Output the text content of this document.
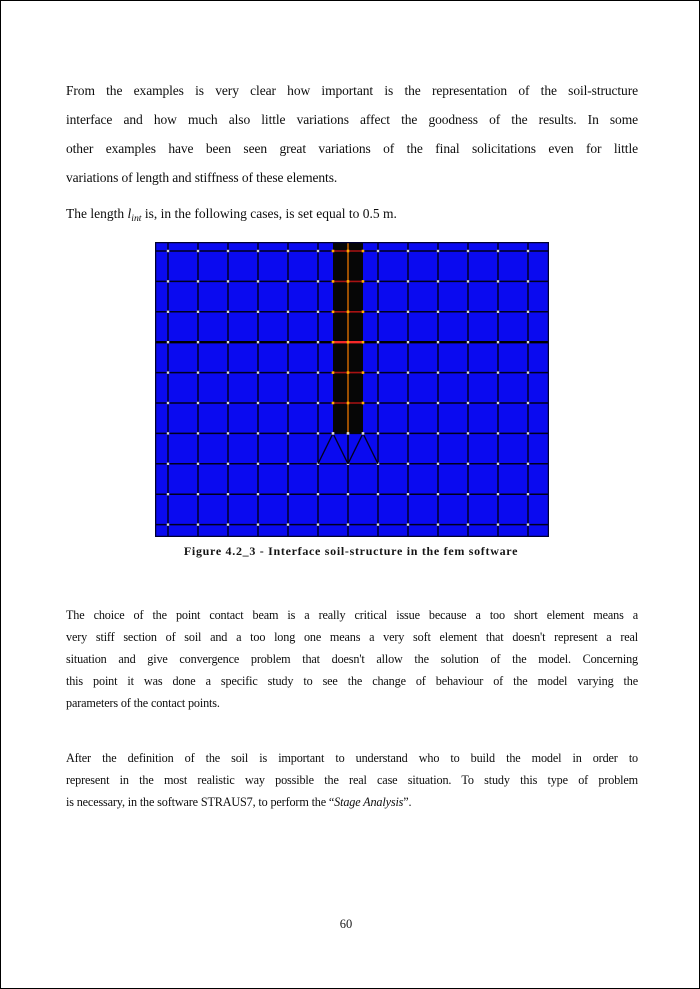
From the examples is very clear how important is the representation of the soil-structure
interface and how much also little variations affect the goodness of the results. In some
other examples have been seen great variations of the final solicitations even for little
variations of length and stiffness of these elements.
The length $l_{int}$ is, in the following cases, is set equal to 0.5 m.
Figure 4.2_3 - Interface soil-structure in the fem software
The choice of the point contact beam is a really critical issue because a too short element means a
very stiff section of soil and a too long one means a very soft element that doesn't represent a real
situation and give convergence problem that doesn't allow the solution of the model. Concerning
this point it was done a specific study to see the change of behaviour of the model varying the
parameters of the contact points.
After the definition of the soil is important to understand who to build the model in order to
represent in the most realistic way possible the real case situation. To study this type of problem
is necessary, in the software STRAUS7, to perform the “Stage Analysis”.
60
